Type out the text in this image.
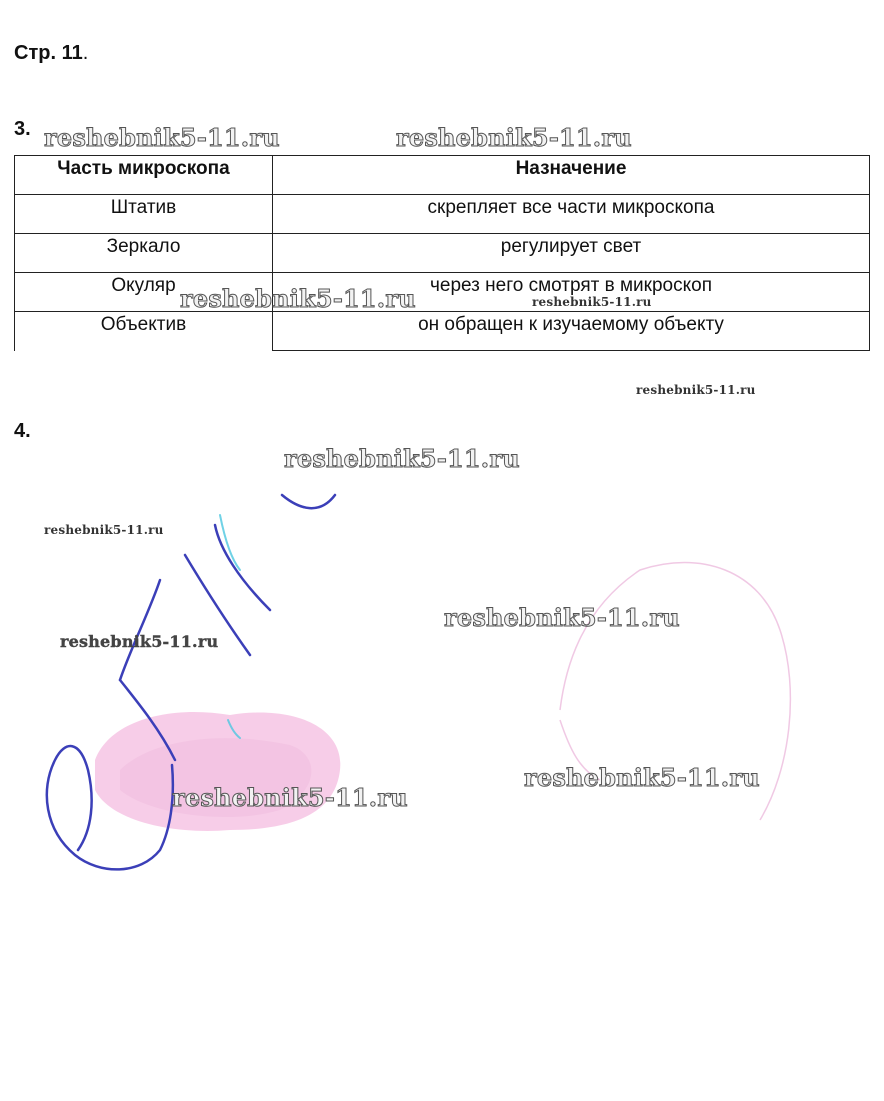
Стр. 11.
3.
Часть микроскопа	Назначение
Штатив	скрепляет все части микроскопа
Зеркало	регулирует свет
Окуляр	через него смотрят в микроскоп
Объектив	он обращен к изучаемому объекту
4.
reshebnik5-11.ru	reshebnik5-11.ru
reshebnik5-11.ru	reshebnik5-11.ru
reshebnik5-11.ru
reshebnik5-11.ru
reshebnik5-11.ru
reshebnik5-11.ru
reshebnik5-11.ru
reshebnik5-11.ru
reshebnik5-11.ru
